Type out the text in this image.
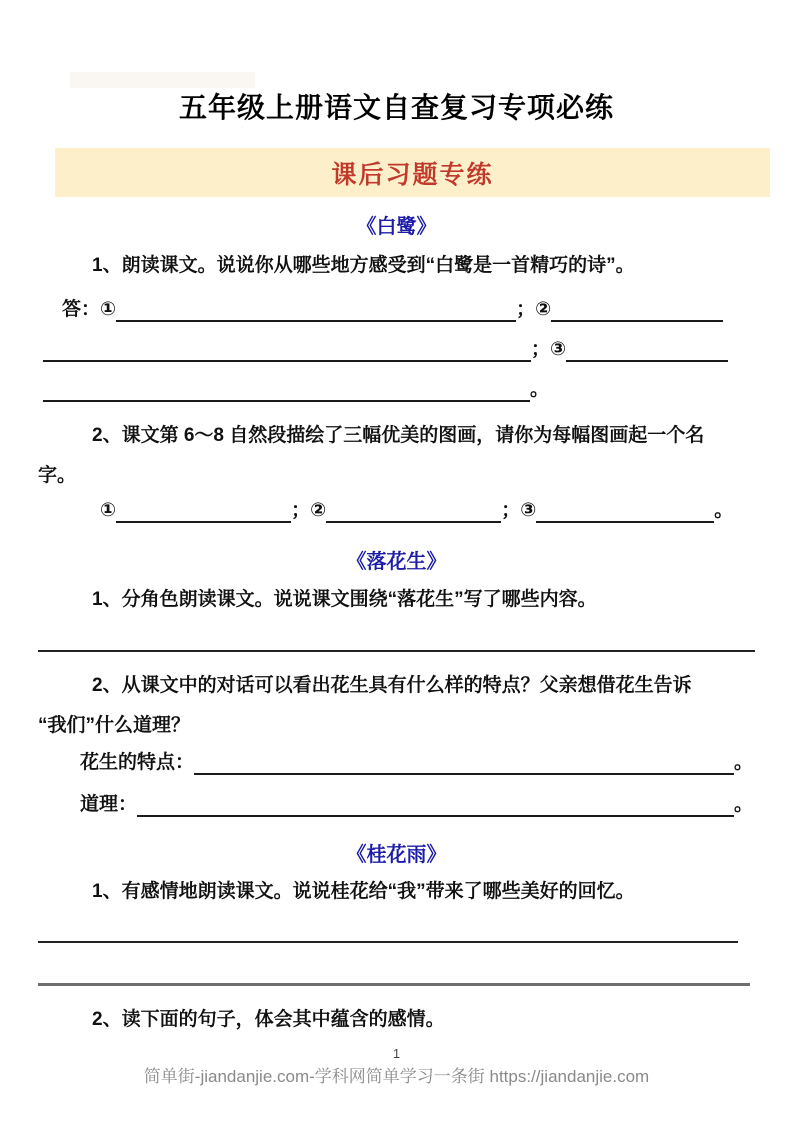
五年级上册语文自查复习专项必练
课后习题专练
《白鹭》

1、朗读课文。说说你从哪些地方感受到“白鹭是一首精巧的诗”。

答：①	；②
；③
。

2、课文第 6～8 自然段描绘了三幅优美的图画，请你为每幅图画起一个名

字。

①	；②	；③	。
《落花生》

1、分角色朗读课文。说说课文围绕“落花生”写了哪些内容。

2、从课文中的对话可以看出花生具有什么样的特点？父亲想借花生告诉

“我们”什么道理？

花生的特点：	。
道理：	。
《桂花雨》

1、有感情地朗读课文。说说桂花给“我”带来了哪些美好的回忆。

2、读下面的句子，体会其中蕴含的感情。

1
简单街-jiandanjie.com-学科网简单学习一条街 https://jiandanjie.com
